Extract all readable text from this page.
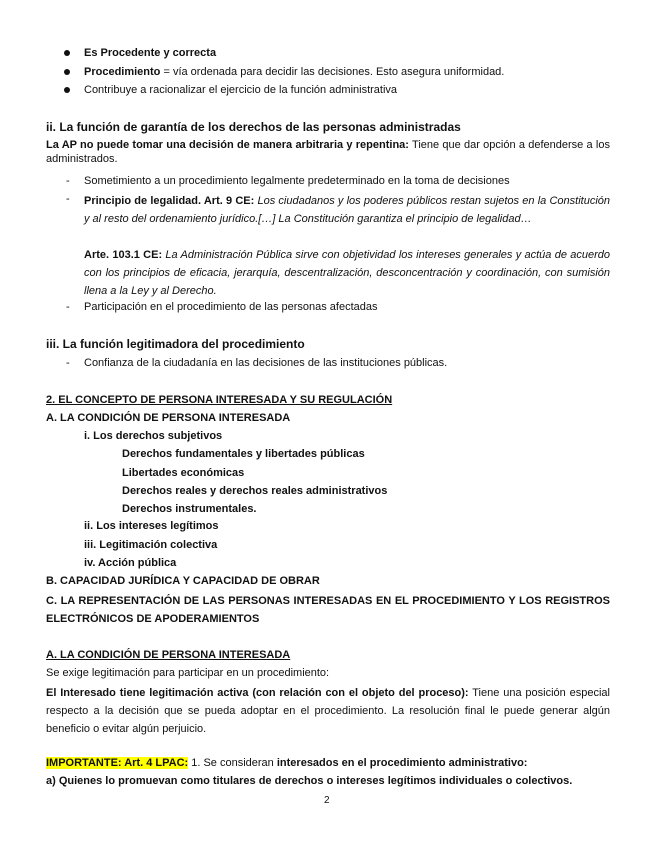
Es Procedente y correcta
Procedimiento = vía ordenada para decidir las decisiones. Esto asegura uniformidad.
Contribuye a racionalizar el ejercicio de la función administrativa
ii. La función de garantía de los derechos de las personas administradas
La AP no puede tomar una decisión de manera arbitraria y repentina: Tiene que dar opción a defenderse a los administrados.
- Sometimiento a un procedimiento legalmente predeterminado en la toma de decisiones
- Principio de legalidad. Art. 9 CE: Los ciudadanos y los poderes públicos restan sujetos en la Constitución y al resto del ordenamiento jurídico.[…] La Constitución garantiza el principio de legalidad…
Arte. 103.1 CE: La Administración Pública sirve con objetividad los intereses generales y actúa de acuerdo con los principios de eficacia, jerarquía, descentralización, desconcentración y coordinación, con sumisión llena a la Ley y al Derecho.
- Participación en el procedimiento de las personas afectadas
iii. La función legitimadora del procedimiento
- Confianza de la ciudadanía en las decisiones de las instituciones públicas.
2. EL CONCEPTO DE PERSONA INTERESADA Y SU REGULACIÓN
A. LA CONDICIÓN DE PERSONA INTERESADA
i. Los derechos subjetivos
Derechos fundamentales y libertades públicas
Libertades económicas
Derechos reales y derechos reales administrativos
Derechos instrumentales.
ii. Los intereses legítimos
iii. Legitimación colectiva
iv. Acción pública
B. CAPACIDAD JURÍDICA Y CAPACIDAD DE OBRAR
C. LA REPRESENTACIÓN DE LAS PERSONAS INTERESADAS EN EL PROCEDIMIENTO Y LOS REGISTROS ELECTRÓNICOS DE APODERAMIENTOS
A. LA CONDICIÓN DE PERSONA INTERESADA
Se exige legitimación para participar en un procedimiento:
El Interesado tiene legitimación activa (con relación con el objeto del proceso): Tiene una posición especial respecto a la decisión que se pueda adoptar en el procedimiento. La resolución final le puede generar algún beneficio o evitar algún perjuicio.
IMPORTANTE: Art. 4 LPAC: 1. Se consideran interesados en el procedimiento administrativo:
a) Quienes lo promuevan como titulares de derechos o intereses legítimos individuales o colectivos.
2
